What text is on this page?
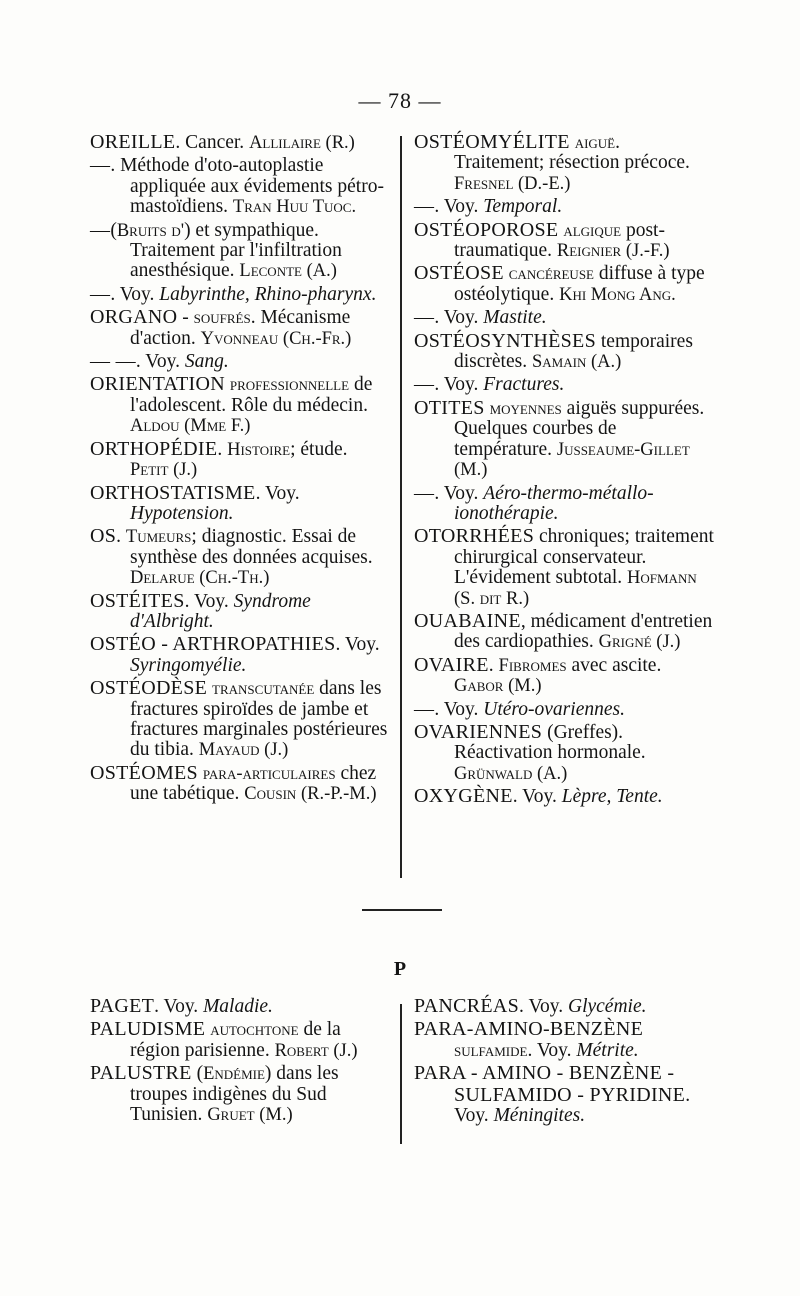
— 78 —
OREILLE. Cancer. Allilaire (R.)
—. Méthode d'oto-autoplastie appliquée aux évidements pétro-mastoïdiens. Tran Huu Tuoc.
—(Bruits d') et sympathique. Traitement par l'infiltration anesthésique. Leconte (A.)
—. Voy. Labyrinthe, Rhino-pharynx.
ORGANO - soufrés. Mécanisme d'action. Yvonneau (Ch.-Fr.)
— —. Voy. Sang.
ORIENTATION professionnelle de l'adolescent. Rôle du médecin. Aldou (Mme F.)
ORTHOPÉDIE. Histoire; étude. Petit (J.)
ORTHOSTATISME. Voy. Hypotension.
OS. Tumeurs; diagnostic. Essai de synthèse des données acquises. Delarue (Ch.-Th.)
OSTÉITES. Voy. Syndrome d'Albright.
OSTÉO - ARTHROPATHIES. Voy. Syringomyélie.
OSTÉODÈSE transcutanée dans les fractures spiroïdes de jambe et fractures marginales postérieures du tibia. Mayaud (J.)
OSTÉOMES para-articulaires chez une tabétique. Cousin (R.-P.-M.)
OSTÉOMYÉLITE aiguë. Traitement; résection précoce. Fresnel (D.-E.)
—. Voy. Temporal.
OSTÉOPOROSE algique post-traumatique. Reignier (J.-F.)
OSTÉOSE cancéreuse diffuse à type ostéolytique. Khi Mong Ang.
—. Voy. Mastite.
OSTÉOSYNTHÈSES temporaires discrètes. Samain (A.)
—. Voy. Fractures.
OTITES moyennes aiguës suppurées. Quelques courbes de température. Jusseaume-Gillet (M.)
—. Voy. Aéro-thermo-métallo-ionothérapie.
OTORRHÉES chroniques; traitement chirurgical conservateur. L'évidement subtotal. Hofmann (S. dit R.)
OUABAINE, médicament d'entretien des cardiopathies. Grigné (J.)
OVAIRE. Fibromes avec ascite. Gabor (M.)
—. Voy. Utéro-ovariennes.
OVARIENNES (Greffes). Réactivation hormonale. Grünwald (A.)
OXYGÈNE. Voy. Lèpre, Tente.
P
PAGET. Voy. Maladie.
PALUDISME autochtone de la région parisienne. Robert (J.)
PALUSTRE (Endémie) dans les troupes indigènes du Sud Tunisien. Gruet (M.)
PANCRÉAS. Voy. Glycémie.
PARA-AMINO-BENZÈNE sulfamide. Voy. Métrite.
PARA - AMINO - BENZÈNE - SULFAMIDO - PYRIDINE. Voy. Méningites.
